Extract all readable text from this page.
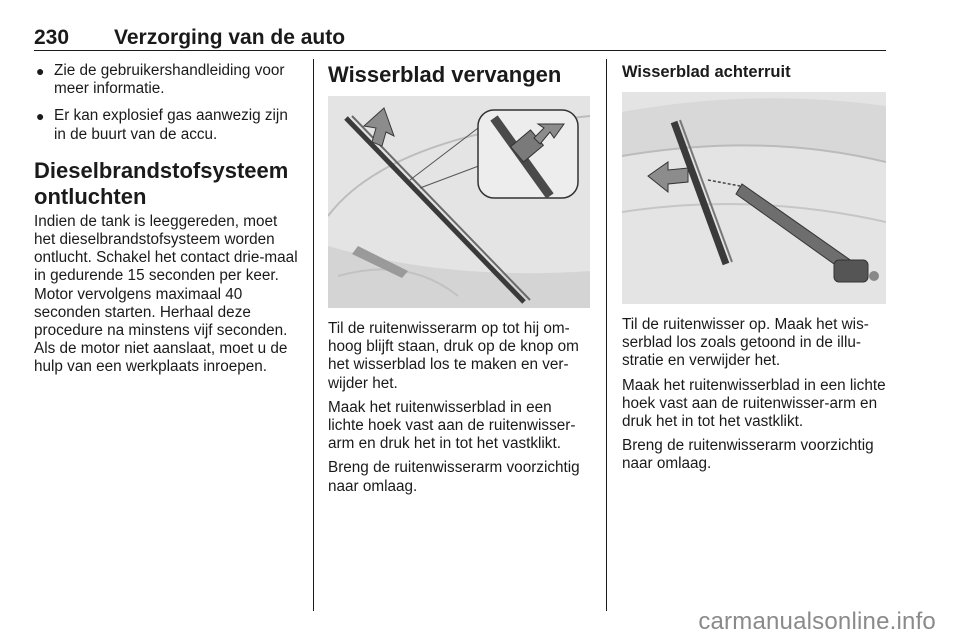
230 Verzorging van de auto
● Zie de gebruikershandleiding voor meer informatie.
● Er kan explosief gas aanwezig zijn in de buurt van de accu.
Dieselbrandstofsysteem ontluchten

Indien de tank is leeggereden, moet het dieselbrandstofsysteem worden ontlucht. Schakel het contact drie-maal in gedurende 15 seconden per keer. Motor vervolgens maximaal 40 seconden starten. Herhaal deze procedure na minstens vijf seconden. Als de motor niet aanslaat, moet u de hulp van een werkplaats inroepen.

Wisserblad vervangen

Til de ruitenwisserarm op tot hij om-hoog blijft staan, druk op de knop om het wisserblad los te maken en ver-wijder het.

Maak het ruitenwisserblad in een lichte hoek vast aan de ruitenwisser-arm en druk het in tot het vastklikt.

Breng de ruitenwisserarm voorzichtig naar omlaag.

Wisserblad achterruit

Til de ruitenwisser op. Maak het wis-serblad los zoals getoond in de illu-stratie en verwijder het.

Maak het ruitenwisserblad in een lichte hoek vast aan de ruitenwisser-arm en druk het in tot het vastklikt.

Breng de ruitenwisserarm voorzichtig naar omlaag.

carmanualsonline.info
